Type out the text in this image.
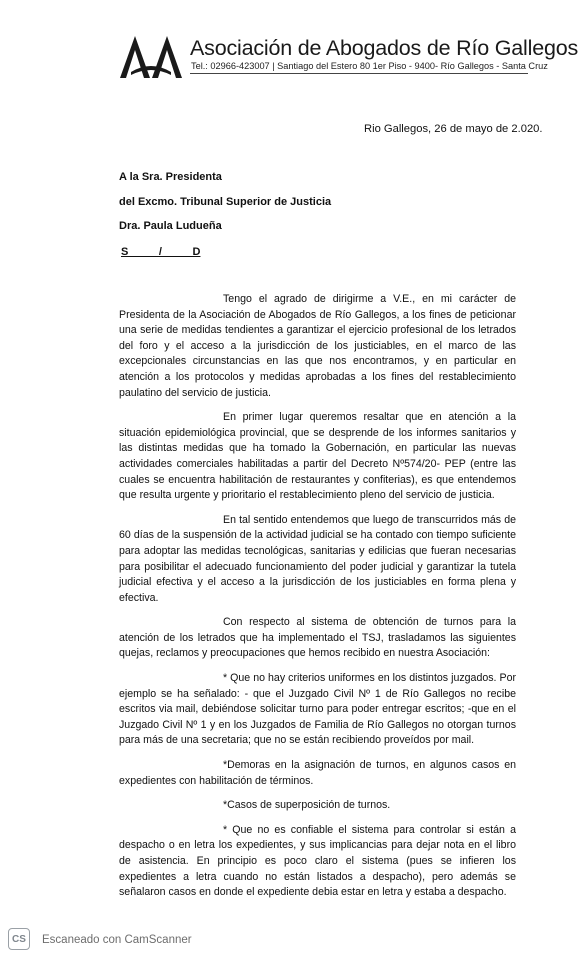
Asociación de Abogados de Río Gallegos
Tel.: 02966-423007 | Santiago del Estero 80 1er Piso - 9400- Río Gallegos - Santa Cruz
Rio Gallegos, 26 de mayo de 2.020.
A la Sra. Presidenta
del Excmo. Tribunal Superior de Justicia
Dra. Paula Ludueña
S          /          D

Tengo el agrado de dirigirme a V.E., en mi carácter de Presidenta de la Asociación de Abogados de Río Gallegos, a los fines de peticionar una serie de medidas tendientes a garantizar el ejercicio profesional de los letrados del foro y el acceso a la jurisdicción de los justiciables, en el marco de las excepcionales circunstancias en las que nos encontramos, y en particular en atención a los protocolos y medidas aprobadas a los fines del restablecimiento paulatino del servicio de justicia.

En primer lugar queremos resaltar que en atención a la situación epidemiológica provincial, que se desprende de los informes sanitarios y las distintas medidas que ha tomado la Gobernación, en particular las nuevas actividades comerciales habilitadas a partir del Decreto Nº574/20- PEP (entre las cuales se encuentra habilitación de restaurantes y confiterias), es que entendemos que resulta urgente y prioritario el restablecimiento pleno del servicio de justicia.

En tal sentido entendemos que luego de transcurridos más de 60 días de la suspensión de la actividad judicial se ha contado con tiempo suficiente para adoptar las medidas tecnológicas, sanitarias y edilicias que fueran necesarias para posibilitar el adecuado funcionamiento del poder judicial y garantizar la tutela judicial efectiva y el acceso a la jurisdicción de los justiciables en forma plena y efectiva.

Con respecto al sistema de obtención de turnos para la atención de los letrados que ha implementado el TSJ, trasladamos las siguientes quejas, reclamos y preocupaciones que hemos recibido en nuestra Asociación:

* Que no hay criterios uniformes en los distintos juzgados. Por ejemplo se ha señalado: - que el Juzgado Civil Nº 1 de Río Gallegos no recibe escritos via mail, debiéndose solicitar turno para poder entregar escritos; -que en el Juzgado Civil Nº 1 y en los Juzgados de Familia de Río Gallegos no otorgan turnos para más de una secretaria; que no se están recibiendo proveídos por mail.

*Demoras en la asignación de turnos, en algunos casos en expedientes con habilitación de términos.

*Casos de superposición de turnos.

* Que no es confiable el sistema para controlar si están a despacho o en letra los expedientes, y sus implicancias para dejar nota en el libro de asistencia. En principio es poco claro el sistema (pues se infieren los expedientes a letra cuando no están listados a despacho), pero además se señalaron casos en donde el expediente debia estar en letra y estaba a despacho.

CS	Escaneado con CamScanner
